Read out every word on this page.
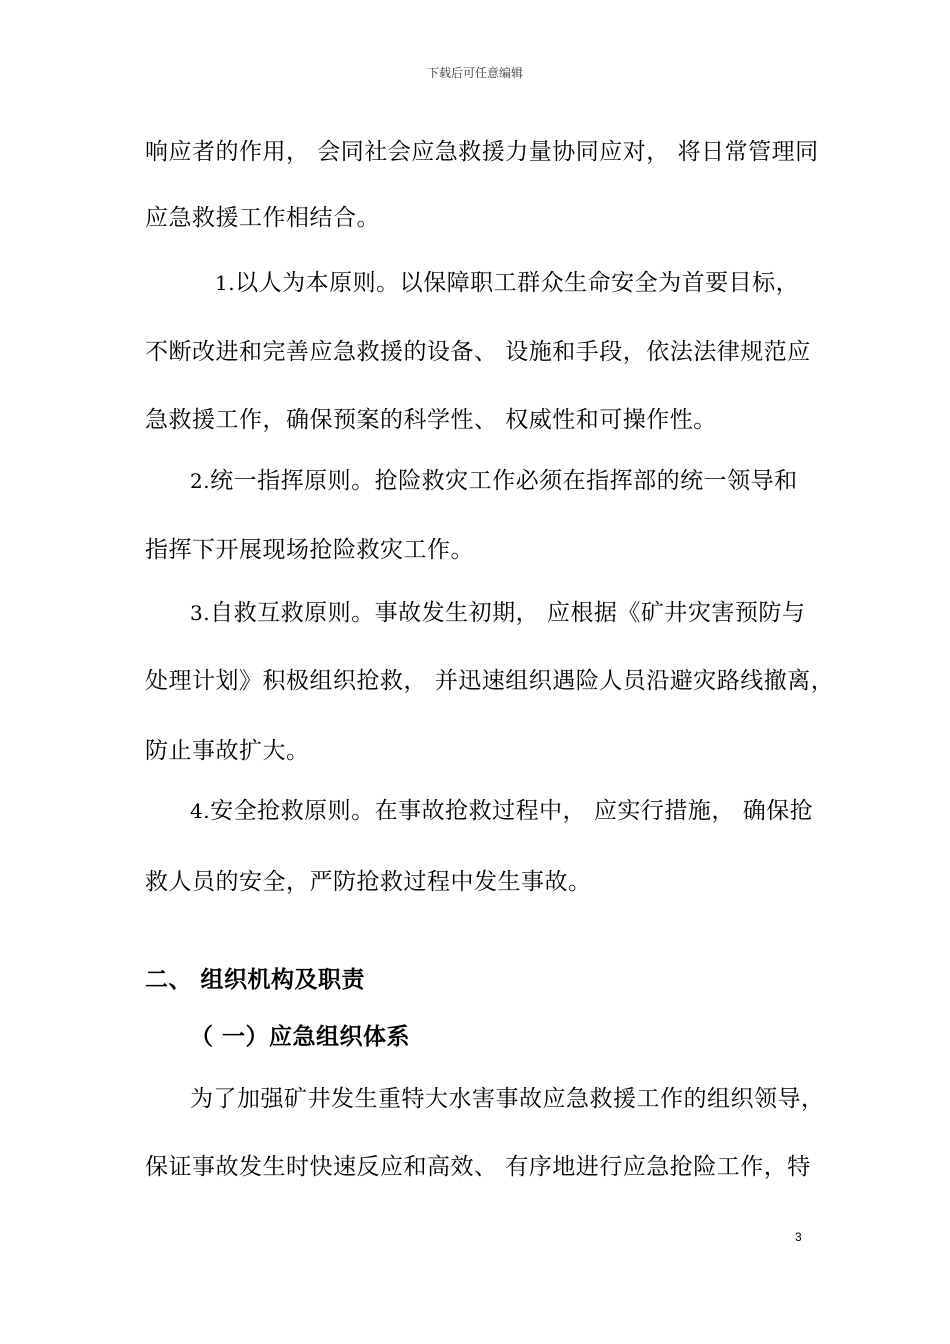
下载后可任意编辑
响应者的作用， 会同社会应急救援力量协同应对， 将日常管理同
应急救援工作相结合。
1.以人为本原则。以保障职工群众生命安全为首要目标，
不断改进和完善应急救援的设备、 设施和手段，依法法律规范应
急救援工作，确保预案的科学性、 权威性和可操作性。
2.统一指挥原则。抢险救灾工作必须在指挥部的统一领导和
指挥下开展现场抢险救灾工作。
3.自救互救原则。事故发生初期， 应根据《矿井灾害预防与
处理计划》积极组织抢救， 并迅速组织遇险人员沿避灾路线撤离，
防止事故扩大。
4.安全抢救原则。在事故抢救过程中， 应实行措施， 确保抢
救人员的安全，严防抢救过程中发生事故。
二、 组织机构及职责
（ 一）应急组织体系
为了加强矿井发生重特大水害事故应急救援工作的组织领导，
保证事故发生时快速反应和高效、 有序地进行应急抢险工作，特
3
